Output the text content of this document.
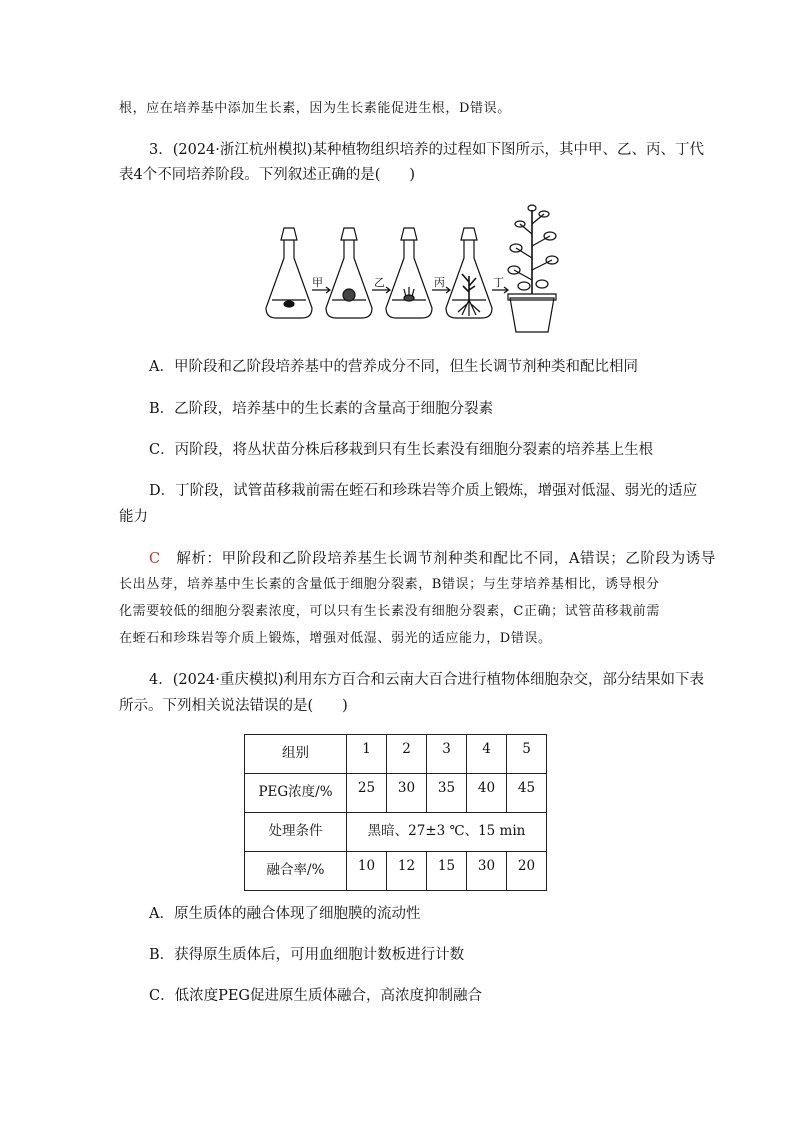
根，应在培养基中添加生长素，因为生长素能促进生根，D错误。
3．(2024·浙江杭州模拟)某种植物组织培养的过程如下图所示，其中甲、乙、丙、丁代
表4个不同培养阶段。下列叙述正确的是(　　)
甲	乙	丙	丁
A．甲阶段和乙阶段培养基中的营养成分不同，但生长调节剂种类和配比相同
B．乙阶段，培养基中的生长素的含量高于细胞分裂素
C．丙阶段，将丛状苗分株后移栽到只有生长素没有细胞分裂素的培养基上生根
D．丁阶段，试管苗移栽前需在蛭石和珍珠岩等介质上锻炼，增强对低湿、弱光的适应
能力
C 解析：甲阶段和乙阶段培养基生长调节剂种类和配比不同，A错误；乙阶段为诱导
长出丛芽，培养基中生长素的含量低于细胞分裂素，B错误；与生芽培养基相比，诱导根分
化需要较低的细胞分裂素浓度，可以只有生长素没有细胞分裂素，C正确；试管苗移栽前需
在蛭石和珍珠岩等介质上锻炼，增强对低湿、弱光的适应能力，D错误。
4．(2024·重庆模拟)利用东方百合和云南大百合进行植物体细胞杂交，部分结果如下表
所示。下列相关说法错误的是(　　)
组别	1	2	3	4	5
PEG浓度/%	25	30	35	40	45
处理条件	黑暗、27±3 ℃、15 min				
融合率/%	10	12	15	30	20
A．原生质体的融合体现了细胞膜的流动性
B．获得原生质体后，可用血细胞计数板进行计数
C．低浓度PEG促进原生质体融合，高浓度抑制融合
